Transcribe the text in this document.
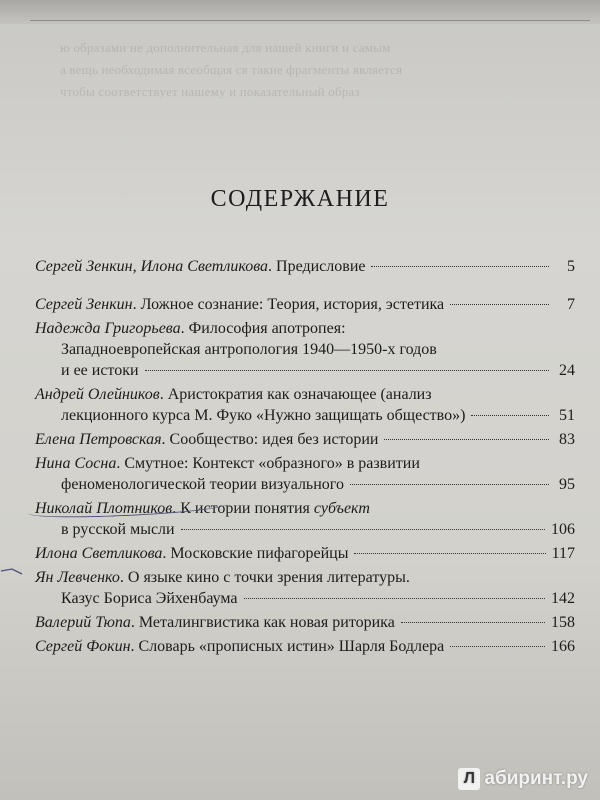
ю образами не дополнительная для нашей книги и самым
а вещь необходимая всеобщая ся такие фрагменты является
чтобы соответствует нашему и показательный образ
СОДЕРЖАНИЕ
Сергей Зенкин, Илона Светликова . Предисловие	5
Сергей Зенкин . Ложное сознание: Теория, история, эстетика	7
Надежда Григорьева . Философия апотропея:
Западноевропейская антропология 1940—1950-х годов
и ее истоки	24
Андрей Олейников . Аристократия как означающее (анализ
лекционного курса М. Фуко «Нужно защищать общество»)	51
Елена Петровская . Сообщество: идея без истории	83
Нина Сосна . Смутное: Контекст «образного» в развитии
феноменологической теории визуального	95
Николай Плотников . К истории понятия субъект
в русской мысли	106
Илона Светликова . Московские пифагорейцы	117
Ян Левченко . О языке кино с точки зрения литературы.
Казус Бориса Эйхенбаума	142
Валерий Тюпа . Металингвистика как новая риторика	158
Сергей Фокин . Словарь «прописных истин» Шарля Бодлера	166
Л абиринт.ру
